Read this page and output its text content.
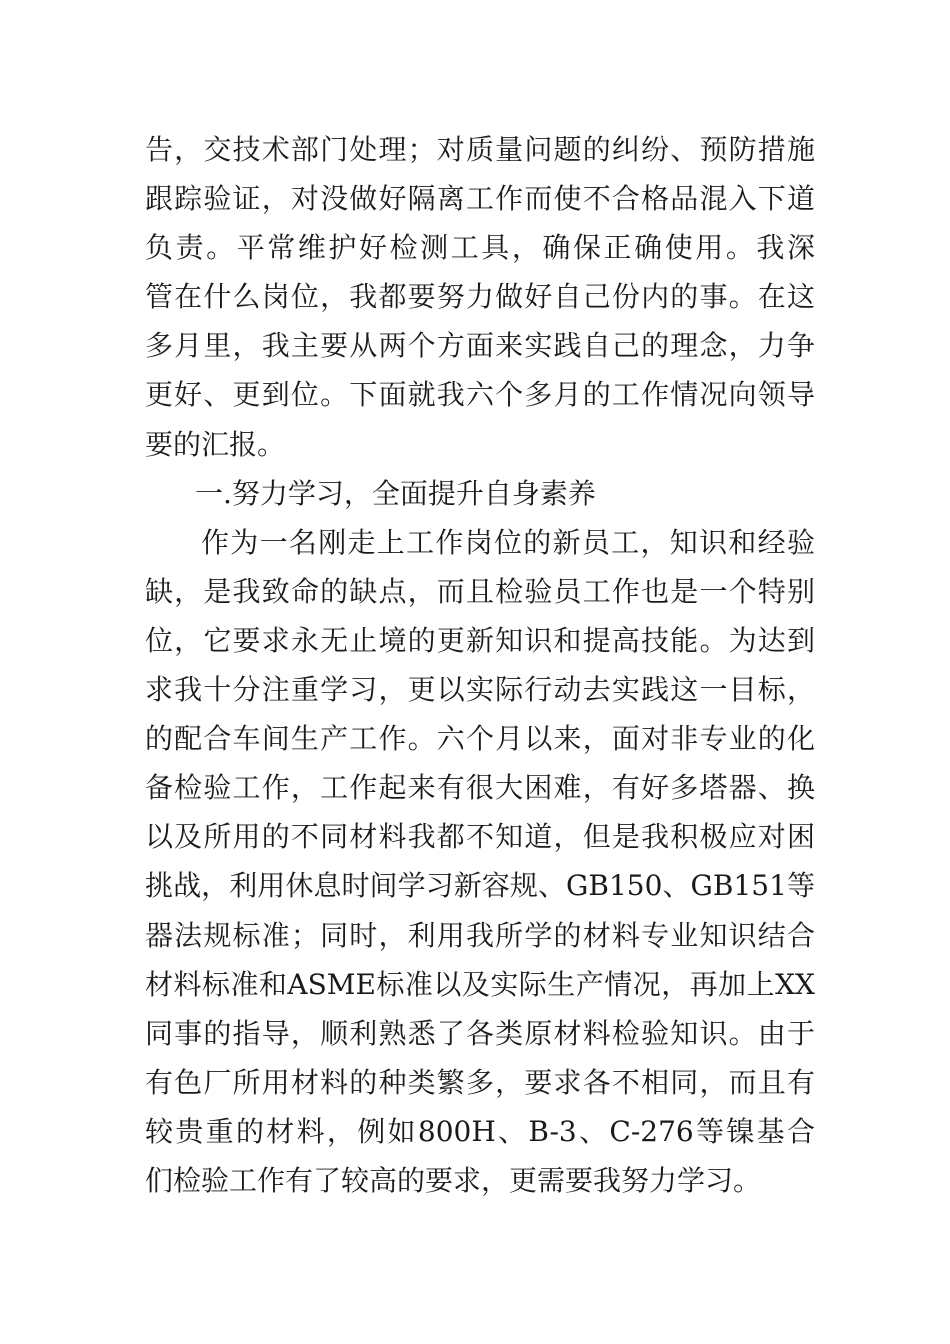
告，交技术部门处理；对质量问题的纠纷、预防措施
跟踪验证，对没做好隔离工作而使不合格品混入下道
负责。平常维护好检测工具，确保正确使用。我深
管在什么岗位，我都要努力做好自己份内的事。在这
多月里，我主要从两个方面来实践自己的理念，力争
更好、更到位。下面就我六个多月的工作情况向领导
要的汇报。
一.努力学习，全面提升自身素养
作为一名刚走上工作岗位的新员工，知识和经验
缺，是我致命的缺点，而且检验员工作也是一个特别
位，它要求永无止境的更新知识和提高技能。为达到
求我十分注重学习，更以实际行动去实践这一目标，
的配合车间生产工作。六个月以来，面对非专业的化
备检验工作，工作起来有很大困难，有好多塔器、换
以及所用的不同材料我都不知道，但是我积极应对困
挑战，利用休息时间学习新容规、GB150、GB151等
器法规标准；同时，利用我所学的材料专业知识结合
材料标准和ASME标准以及实际生产情况，再加上XX
同事的指导，顺利熟悉了各类原材料检验知识。由于
有色厂所用材料的种类繁多，要求各不相同，而且有
较贵重的材料，例如800H、B-3、C-276等镍基合
们检验工作有了较高的要求，更需要我努力学习。
